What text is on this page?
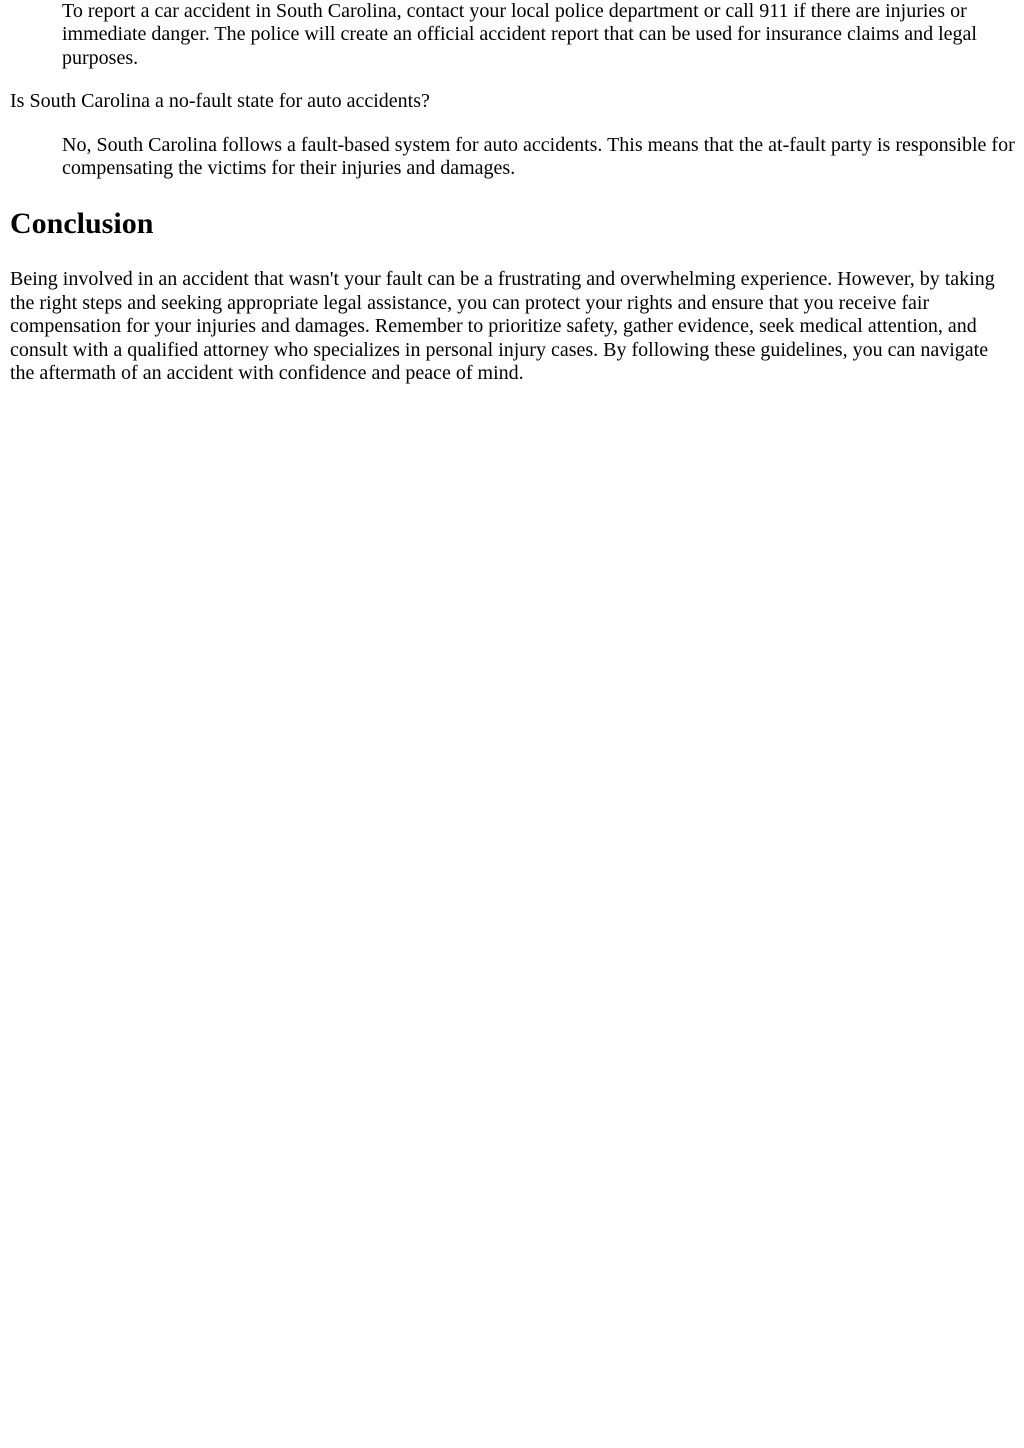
To report a car accident in South Carolina, contact your local police department or call 911 if there are injuries or immediate danger. The police will create an official accident report that can be used for insurance claims and legal purposes.
Is South Carolina a no-fault state for auto accidents?
No, South Carolina follows a fault-based system for auto accidents. This means that the at-fault party is responsible for compensating the victims for their injuries and damages.
Conclusion

Being involved in an accident that wasn't your fault can be a frustrating and overwhelming experience. However, by taking the right steps and seeking appropriate legal assistance, you can protect your rights and ensure that you receive fair compensation for your injuries and damages. Remember to prioritize safety, gather evidence, seek medical attention, and consult with a qualified attorney who specializes in personal injury cases. By following these guidelines, you can navigate the aftermath of an accident with confidence and peace of mind.
